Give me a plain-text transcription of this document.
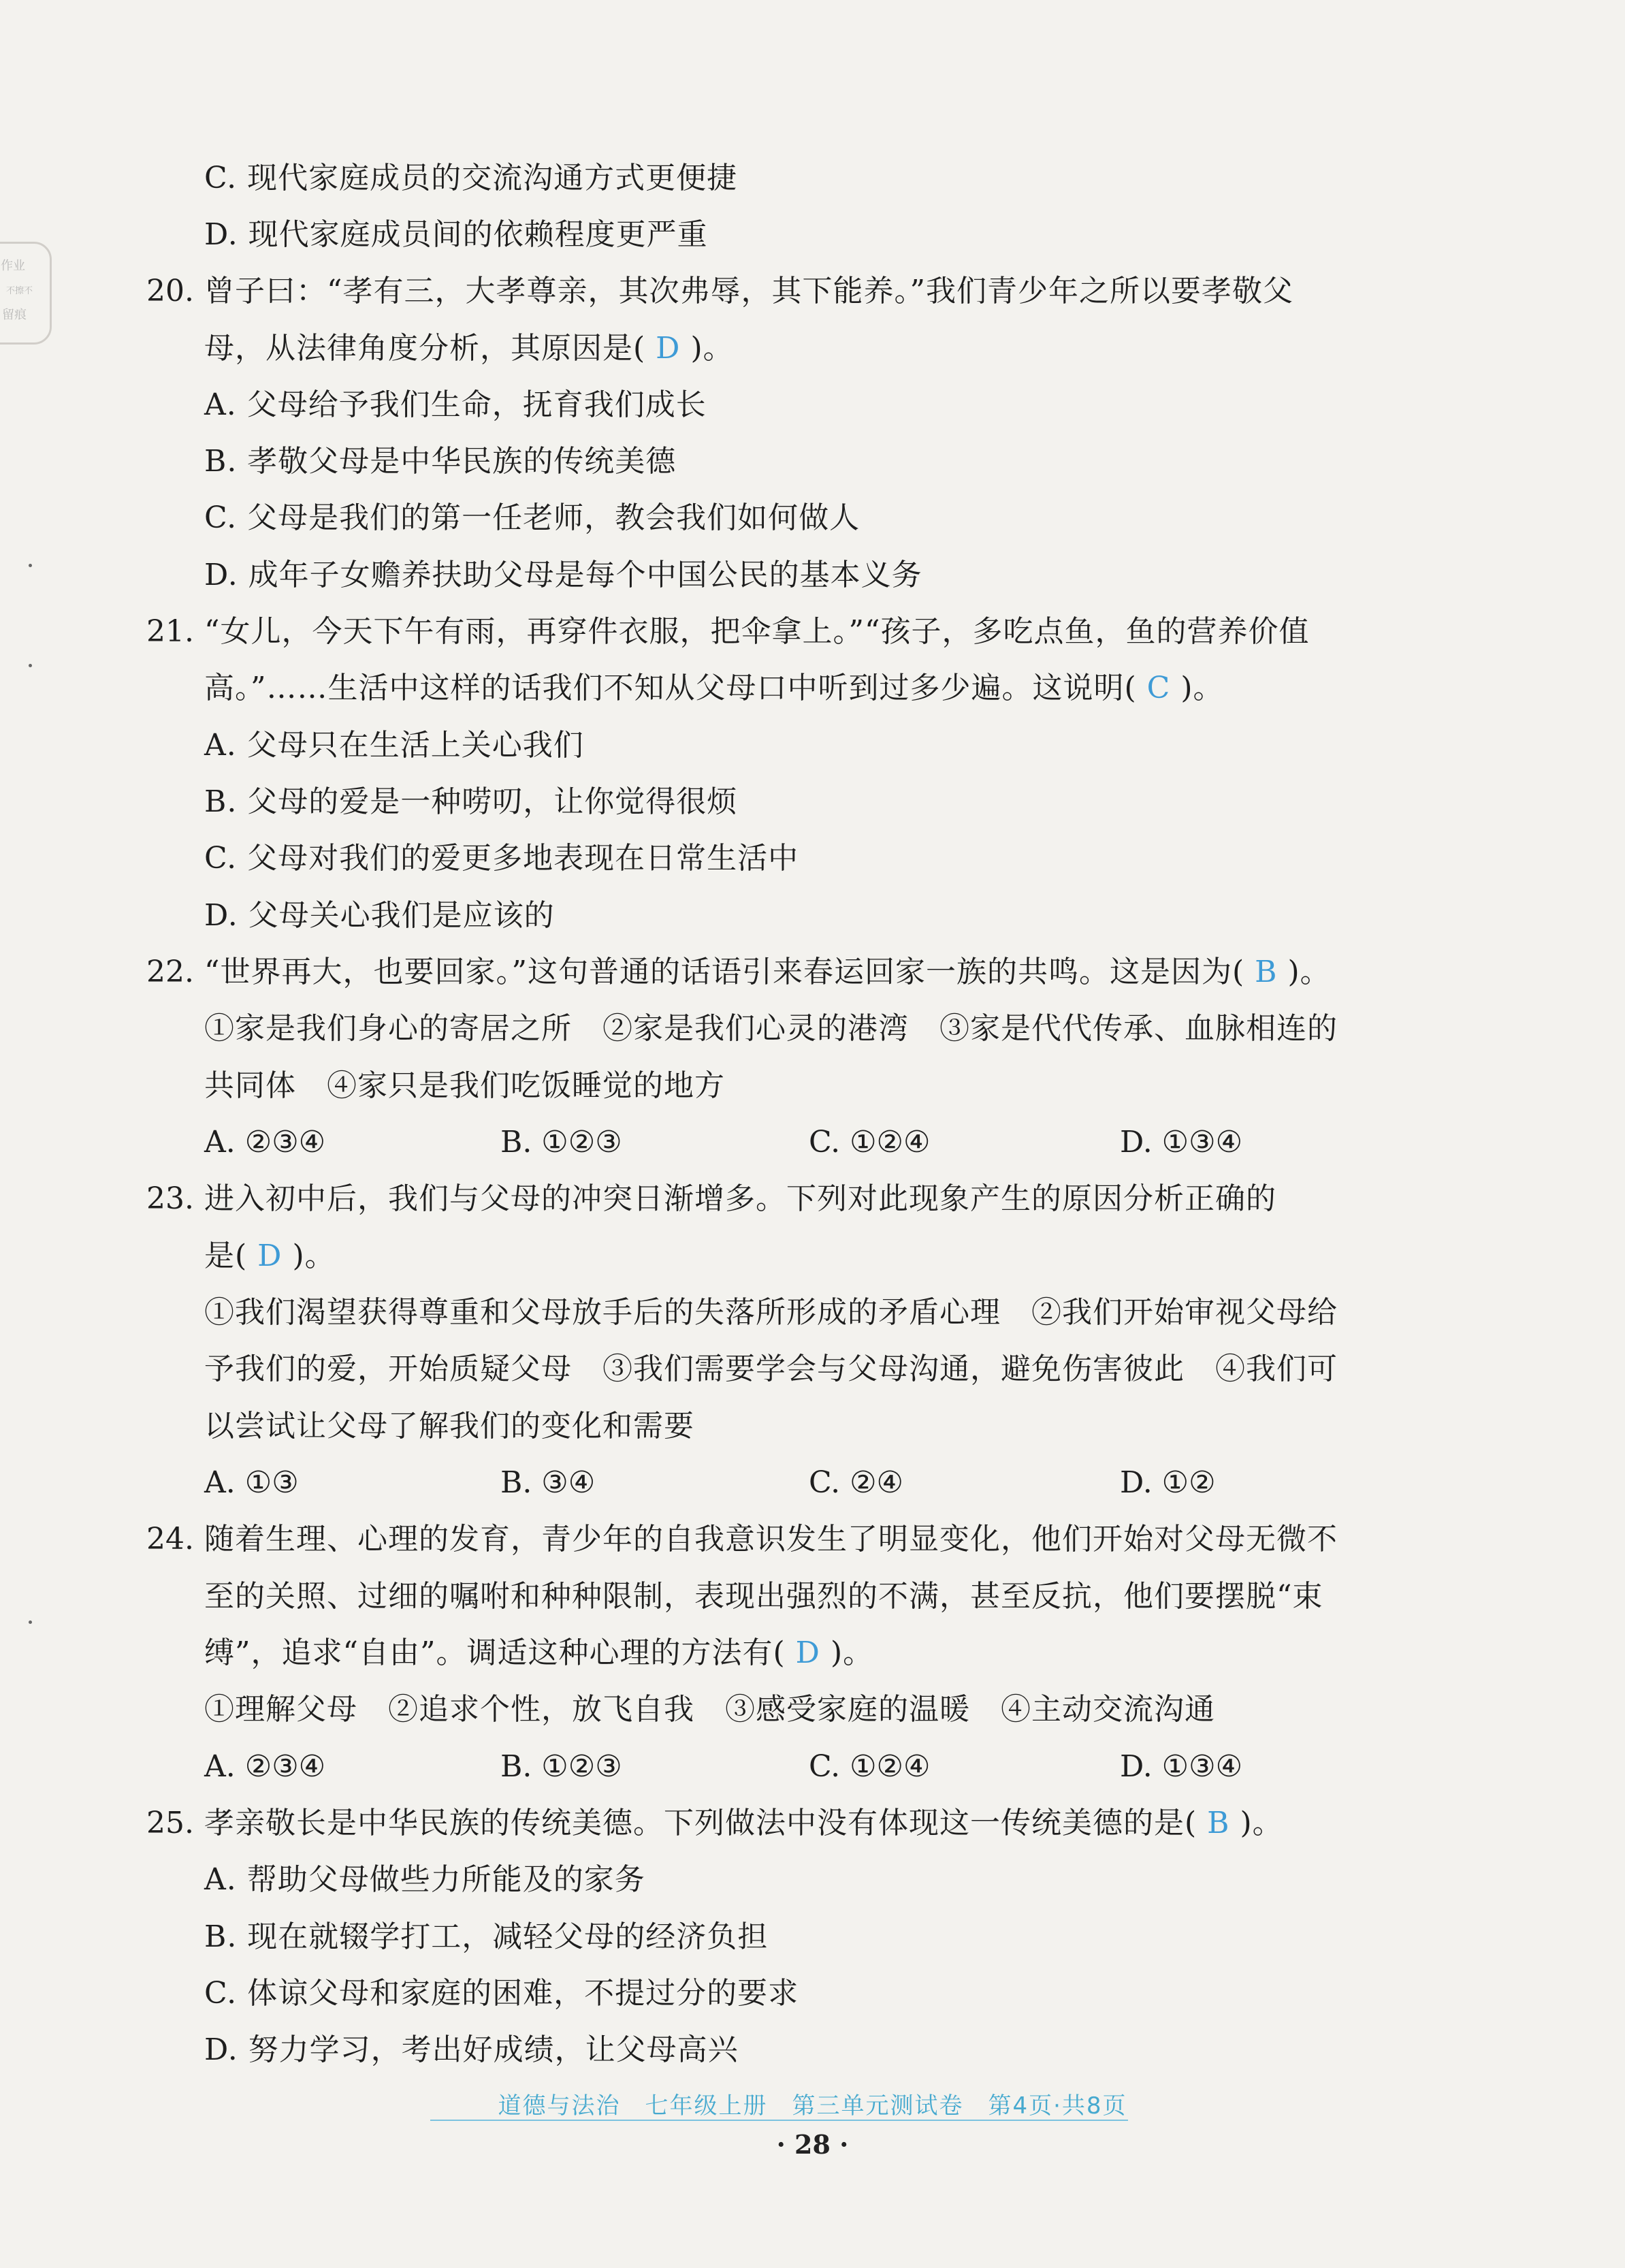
作业
不擦不
留痕
C. 现代家庭成员的交流沟通方式更便捷
D. 现代家庭成员间的依赖程度更严重
20. 曾子曰：“孝有三，大孝尊亲，其次弗辱，其下能养。”我们青少年之所以要孝敬父
母，从法律角度分析，其原因是( D )。
A. 父母给予我们生命，抚育我们成长
B. 孝敬父母是中华民族的传统美德
C. 父母是我们的第一任老师，教会我们如何做人
D. 成年子女赡养扶助父母是每个中国公民的基本义务
21. “女儿，今天下午有雨，再穿件衣服，把伞拿上。”“孩子，多吃点鱼，鱼的营养价值
高。”……生活中这样的话我们不知从父母口中听到过多少遍。这说明( C )。
A. 父母只在生活上关心我们
B. 父母的爱是一种唠叨，让你觉得很烦
C. 父母对我们的爱更多地表现在日常生活中
D. 父母关心我们是应该的
22. “世界再大，也要回家。”这句普通的话语引来春运回家一族的共鸣。这是因为( B )。
①家是我们身心的寄居之所　②家是我们心灵的港湾　③家是代代传承、血脉相连的
共同体　④家只是我们吃饭睡觉的地方
A. ②③④	B. ①②③	C. ①②④	D. ①③④
23. 进入初中后，我们与父母的冲突日渐增多。下列对此现象产生的原因分析正确的
是( D )。
①我们渴望获得尊重和父母放手后的失落所形成的矛盾心理　②我们开始审视父母给
予我们的爱，开始质疑父母　③我们需要学会与父母沟通，避免伤害彼此　④我们可
以尝试让父母了解我们的变化和需要
A. ①③	B. ③④	C. ②④	D. ①②
24. 随着生理、心理的发育，青少年的自我意识发生了明显变化，他们开始对父母无微不
至的关照、过细的嘱咐和种种限制，表现出强烈的不满，甚至反抗，他们要摆脱“束
缚”，追求“自由”。调适这种心理的方法有( D )。
①理解父母　②追求个性，放飞自我　③感受家庭的温暖　④主动交流沟通
A. ②③④	B. ①②③	C. ①②④	D. ①③④
25. 孝亲敬长是中华民族的传统美德。下列做法中没有体现这一传统美德的是( B )。
A. 帮助父母做些力所能及的家务
B. 现在就辍学打工，减轻父母的经济负担
C. 体谅父母和家庭的困难，不提过分的要求
D. 努力学习，考出好成绩，让父母高兴
道德与法治　七年级上册　第三单元测试卷　第4页·共8页
· 28 ·
